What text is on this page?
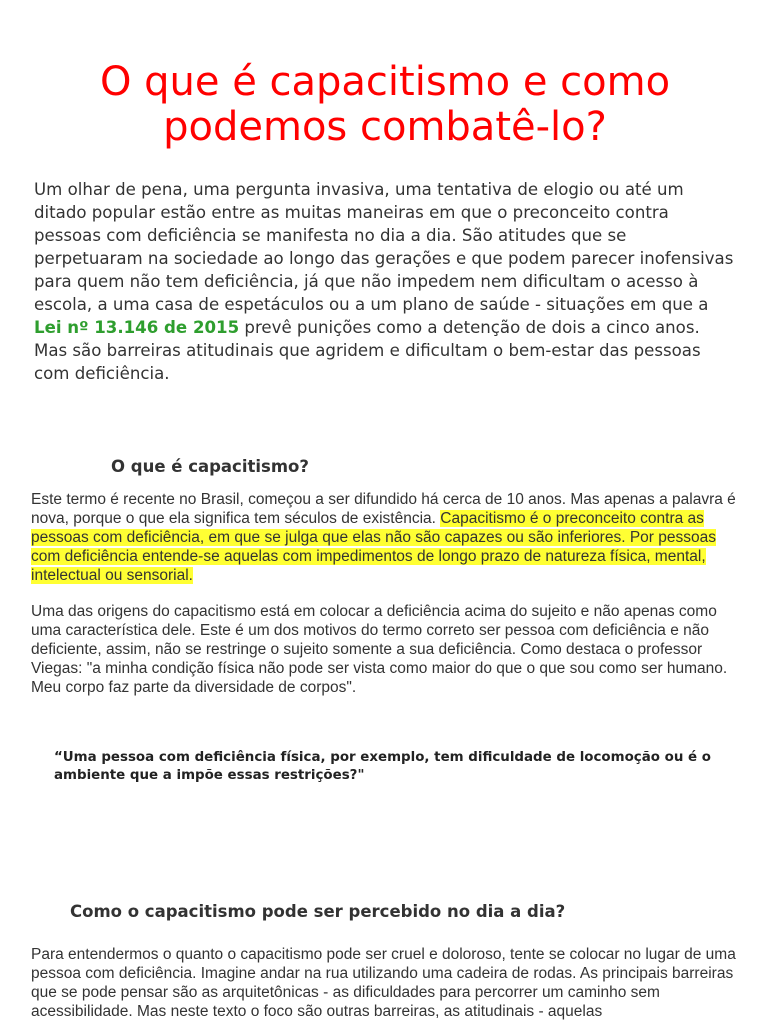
O que é capacitismo e como podemos combatê-lo?

Um olhar de pena, uma pergunta invasiva, uma tentativa de elogio ou até um ditado popular estão entre as muitas maneiras em que o preconceito contra pessoas com deficiência se manifesta no dia a dia. São atitudes que se perpetuaram na sociedade ao longo das gerações e que podem parecer inofensivas para quem não tem deficiência, já que não impedem nem dificultam o acesso à escola, a uma casa de espetáculos ou a um plano de saúde - situações em que a Lei nº 13.146 de 2015 prevê punições como a detenção de dois a cinco anos.

Mas são barreiras atitudinais que agridem e dificultam o bem-estar das pessoas com deficiência.

O que é capacitismo?

Este termo é recente no Brasil, começou a ser difundido há cerca de 10 anos. Mas apenas a palavra é nova, porque o que ela significa tem séculos de existência. Capacitismo é o preconceito contra as pessoas com deficiência, em que se julga que elas não são capazes ou são inferiores. Por pessoas com deficiência entende-se aquelas com impedimentos de longo prazo de natureza física, mental, intelectual ou sensorial.

Uma das origens do capacitismo está em colocar a deficiência acima do sujeito e não apenas como uma característica dele. Este é um dos motivos do termo correto ser pessoa com deficiência e não deficiente, assim, não se restringe o sujeito somente a sua deficiência. Como destaca o professor Viegas: "a minha condição física não pode ser vista como maior do que o que sou como ser humano. Meu corpo faz parte da diversidade de corpos".

“Uma pessoa com deficiência física, por exemplo, tem dificuldade de locomoção ou é o ambiente que a impõe essas restrições?"

Como o capacitismo pode ser percebido no dia a dia?

Para entendermos o quanto o capacitismo pode ser cruel e doloroso, tente se colocar no lugar de uma pessoa com deficiência. Imagine andar na rua utilizando uma cadeira de rodas. As principais barreiras que se pode pensar são as arquitetônicas - as dificuldades para percorrer um caminho sem acessibilidade. Mas neste texto o foco são outras barreiras, as atitudinais - aquelas
